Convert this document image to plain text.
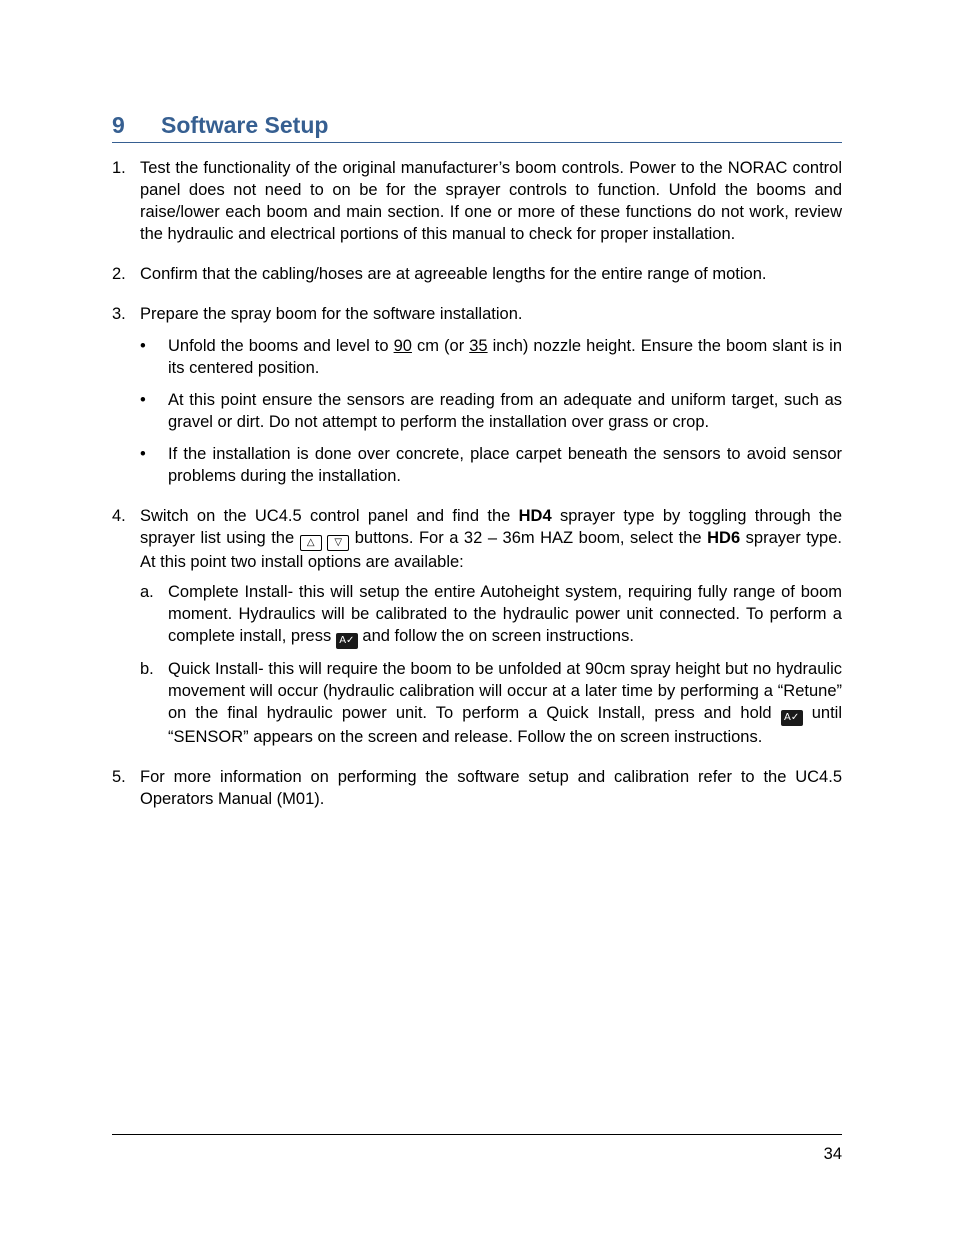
9 Software Setup
1. Test the functionality of the original manufacturer’s boom controls. Power to the NORAC control panel does not need to on be for the sprayer controls to function. Unfold the booms and raise/lower each boom and main section. If one or more of these functions do not work, review the hydraulic and electrical portions of this manual to check for proper installation.
2. Confirm that the cabling/hoses are at agreeable lengths for the entire range of motion.
3. Prepare the spray boom for the software installation.
• Unfold the booms and level to 90 cm (or 35 inch) nozzle height. Ensure the boom slant is in its centered position.
• At this point ensure the sensors are reading from an adequate and uniform target, such as gravel or dirt. Do not attempt to perform the installation over grass or crop.
• If the installation is done over concrete, place carpet beneath the sensors to avoid sensor problems during the installation.
4. Switch on the UC4.5 control panel and find the HD4 sprayer type by toggling through the sprayer list using the △ ▽ buttons. For a 32 – 36m HAZ boom, select the HD6 sprayer type. At this point two install options are available:
a. Complete Install- this will setup the entire Autoheight system, requiring fully range of boom moment. Hydraulics will be calibrated to the hydraulic power unit connected. To perform a complete install, press A✓ and follow the on screen instructions.
b. Quick Install- this will require the boom to be unfolded at 90cm spray height but no hydraulic movement will occur (hydraulic calibration will occur at a later time by performing a “Retune” on the final hydraulic power unit. To perform a Quick Install, press and hold A✓ until “SENSOR” appears on the screen and release. Follow the on screen instructions.
5. For more information on performing the software setup and calibration refer to the UC4.5 Operators Manual (M01).
34
